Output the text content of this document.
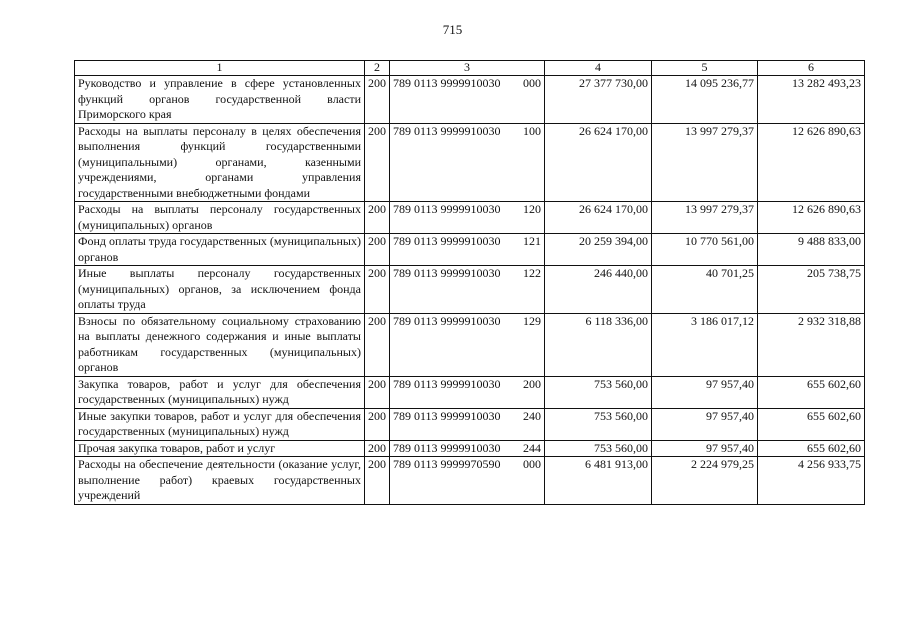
715
1	2	3	4	5	6
Руководство и управление в сфере установленных функций органов государственной власти Приморского края	200	789 0113 9999910030 000	27 377 730,00	14 095 236,77	13 282 493,23
Расходы на выплаты персоналу в целях обеспечения выполнения функций государственными (муниципальными) органами, казенными учреждениями, органами управления государственными внебюджетными фондами	200	789 0113 9999910030 100	26 624 170,00	13 997 279,37	12 626 890,63
Расходы на выплаты персоналу государственных (муниципальных) органов	200	789 0113 9999910030 120	26 624 170,00	13 997 279,37	12 626 890,63
Фонд оплаты труда государственных (муниципальных) органов	200	789 0113 9999910030 121	20 259 394,00	10 770 561,00	9 488 833,00
Иные выплаты персоналу государственных (муниципальных) органов, за исключением фонда оплаты труда	200	789 0113 9999910030 122	246 440,00	40 701,25	205 738,75
Взносы по обязательному социальному страхованию на выплаты денежного содержания и иные выплаты работникам государственных (муниципальных) органов	200	789 0113 9999910030 129	6 118 336,00	3 186 017,12	2 932 318,88
Закупка товаров, работ и услуг для обеспечения государственных (муниципальных) нужд	200	789 0113 9999910030 200	753 560,00	97 957,40	655 602,60
Иные закупки товаров, работ и услуг для обеспечения государственных (муниципальных) нужд	200	789 0113 9999910030 240	753 560,00	97 957,40	655 602,60
Прочая закупка товаров, работ и услуг	200	789 0113 9999910030 244	753 560,00	97 957,40	655 602,60
Расходы на обеспечение деятельности (оказание услуг, выполнение работ) краевых государственных учреждений	200	789 0113 9999970590 000	6 481 913,00	2 224 979,25	4 256 933,75
